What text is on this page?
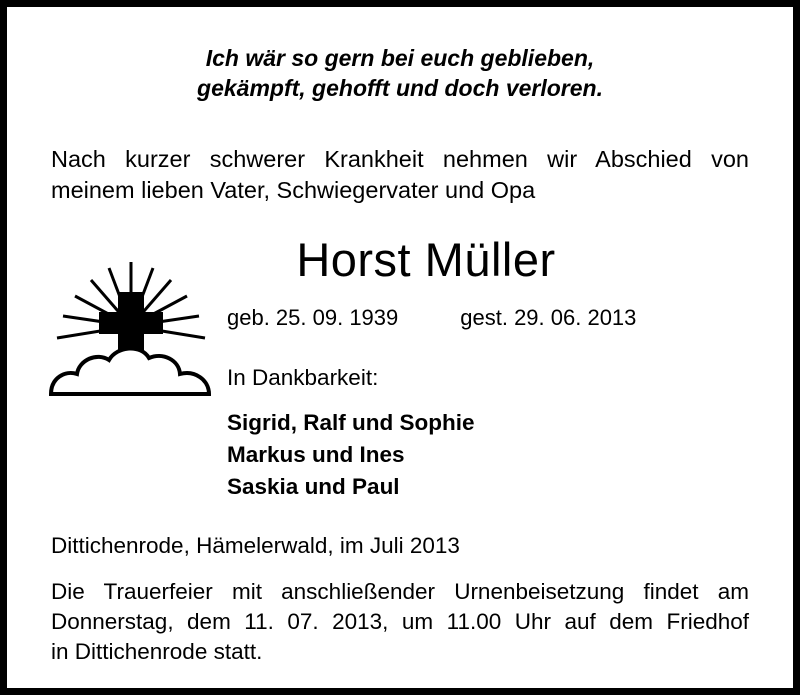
Ich wär so gern bei euch geblieben,
gekämpft, gehofft und doch verloren.
Nach kurzer schwerer Krankheit nehmen wir Abschied von
meinem lieben Vater, Schwiegervater und Opa
Horst Müller
geb. 25. 09. 1939	gest. 29. 06. 2013
In Dankbarkeit:
Sigrid, Ralf und Sophie
Markus und Ines
Saskia und Paul
Dittichenrode, Hämelerwald, im Juli 2013
Die Trauerfeier mit anschließender Urnenbeisetzung findet am
Donnerstag, dem 11. 07. 2013, um 11.00 Uhr auf dem Friedhof
in Dittichenrode statt.
